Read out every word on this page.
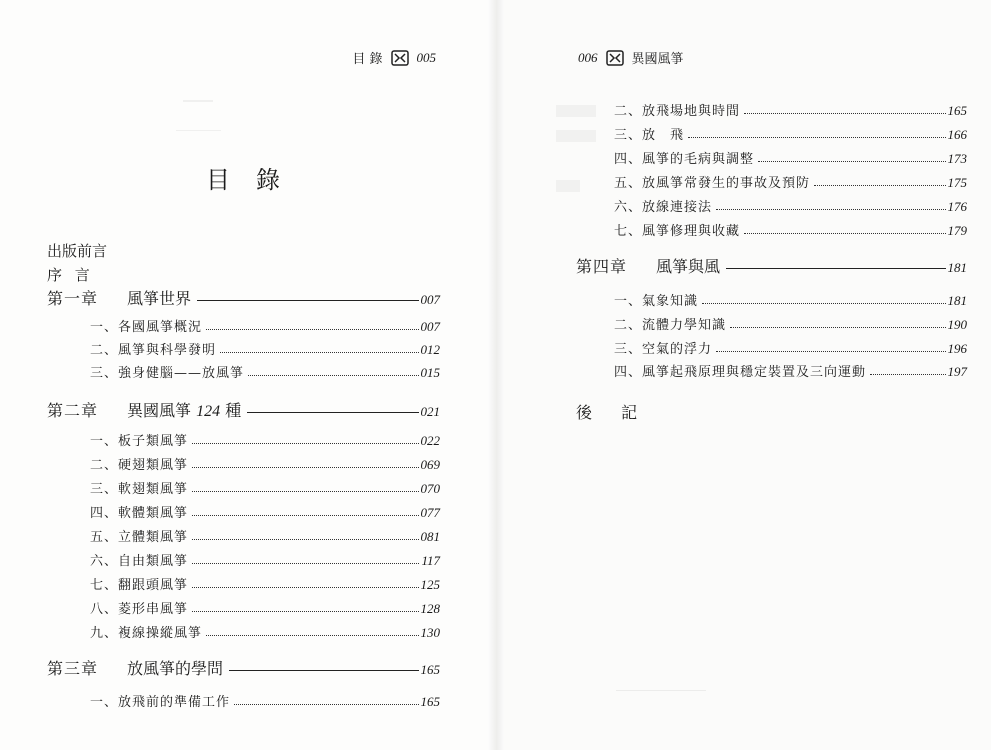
目 錄	005
目錄
出版前言
序 言
第一章	風箏世界	007
一、各國風箏概況	007
二、風箏與科學發明	012
三、強身健腦——放風箏	015
第二章	異國風箏 124 種	021
一、板子類風箏	022
二、硬翅類風箏	069
三、軟翅類風箏	070
四、軟體類風箏	077
五、立體類風箏	081
六、自由類風箏	117
七、翻跟頭風箏	125
八、菱形串風箏	128
九、複線操縱風箏	130
第三章	放風箏的學問	165
一、放飛前的準備工作	165
006	異國風箏
二、放飛場地與時間	165
三、放　飛	166
四、風箏的毛病與調整	173
五、放風箏常發生的事故及預防	175
六、放線連接法	176
七、風箏修理與收藏	179
第四章	風箏與風	181
一、氣象知識	181
二、流體力學知識	190
三、空氣的浮力	196
四、風箏起飛原理與穩定裝置及三向運動	197
後 記
